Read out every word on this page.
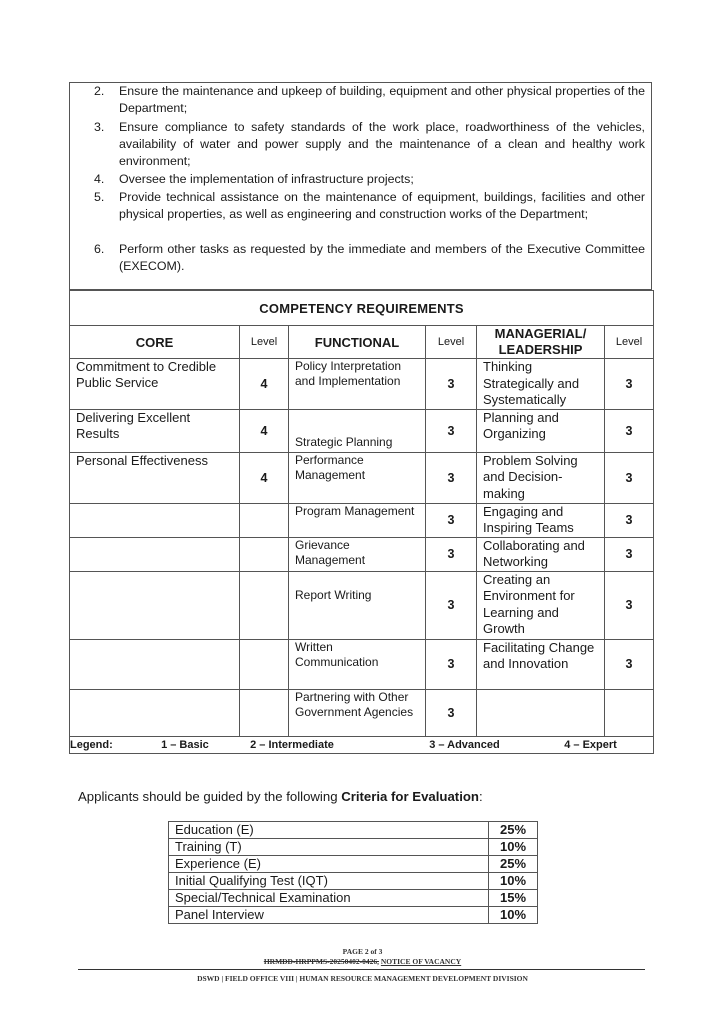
2. Ensure the maintenance and upkeep of building, equipment and other physical properties of the Department;
3. Ensure compliance to safety standards of the work place, roadworthiness of the vehicles, availability of water and power supply and the maintenance of a clean and healthy work environment;
4. Oversee the implementation of infrastructure projects;
5. Provide technical assistance on the maintenance of equipment, buildings, facilities and other physical properties, as well as engineering and construction works of the Department;
6. Perform other tasks as requested by the immediate and members of the Executive Committee (EXECOM).
COMPETENCY REQUIREMENTS					
CORE	Level	FUNCTIONAL	Level	MANAGERIAL/ LEADERSHIP	Level

Commitment to Credible Public Service	4	Policy Interpretation and Implementation	3	Thinking Strategically and Systematically	3

Delivering Excellent Results	4	Strategic Planning	3	Planning and Organizing	3

Personal Effectiveness	4	Performance Management	3	Problem Solving and Decision-making	3

		Program Management	3	Engaging and Inspiring Teams	3

		Grievance Management	3	Collaborating and Networking	3

		Report Writing	3	Creating an Environment for Learning and Growth	3

		Written Communication	3	Facilitating Change and Innovation	3

		Partnering with Other Government Agencies	3	

Legend: 1 – Basic 2 – Intermediate 3 – Advanced 4 – Expert					
Applicants should be guided by the following Criteria for Evaluation:
Education (E)	25%
Training (T)	10%
Experience (E)	25%
Initial Qualifying Test (IQT)	10%
Special/Technical Examination	15%
Panel Interview	10%
PAGE 2 of 3
HRMDD-HRPPMS-20250402-0426, NOTICE OF VACANCY
DSWD | FIELD OFFICE VIII | HUMAN RESOURCE MANAGEMENT DEVELOPMENT DIVISION
